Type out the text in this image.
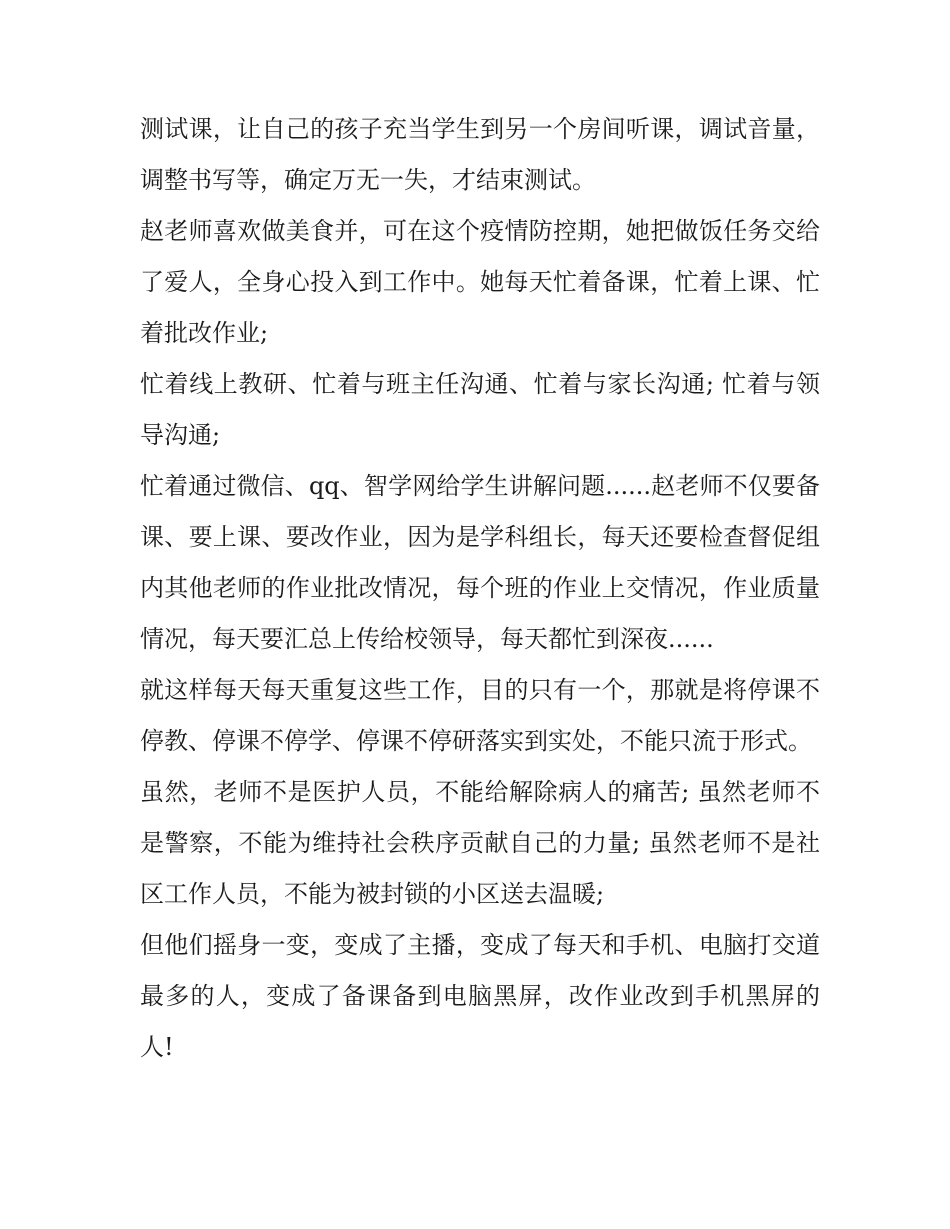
测试课，让自己的孩子充当学生到另一个房间听课，调试音量，调整书写等，确定万无一失，才结束测试。

赵老师喜欢做美食并，可在这个疫情防控期，她把做饭任务交给了爱人，全身心投入到工作中。她每天忙着备课，忙着上课、忙着批改作业;

忙着线上教研、忙着与班主任沟通、忙着与家长沟通; 忙着与领导沟通;

忙着通过微信、qq、智学网给学生讲解问题......赵老师不仅要备课、要上课、要改作业，因为是学科组长，每天还要检查督促组内其他老师的作业批改情况，每个班的作业上交情况，作业质量情况，每天要汇总上传给校领导，每天都忙到深夜......

就这样每天每天重复这些工作，目的只有一个，那就是将停课不停教、停课不停学、停课不停研落实到实处，不能只流于形式。

虽然，老师不是医护人员，不能给解除病人的痛苦; 虽然老师不是警察，不能为维持社会秩序贡献自己的力量; 虽然老师不是社区工作人员，不能为被封锁的小区送去温暖;

但他们摇身一变，变成了主播，变成了每天和手机、电脑打交道最多的人，变成了备课备到电脑黑屏，改作业改到手机黑屏的人!
